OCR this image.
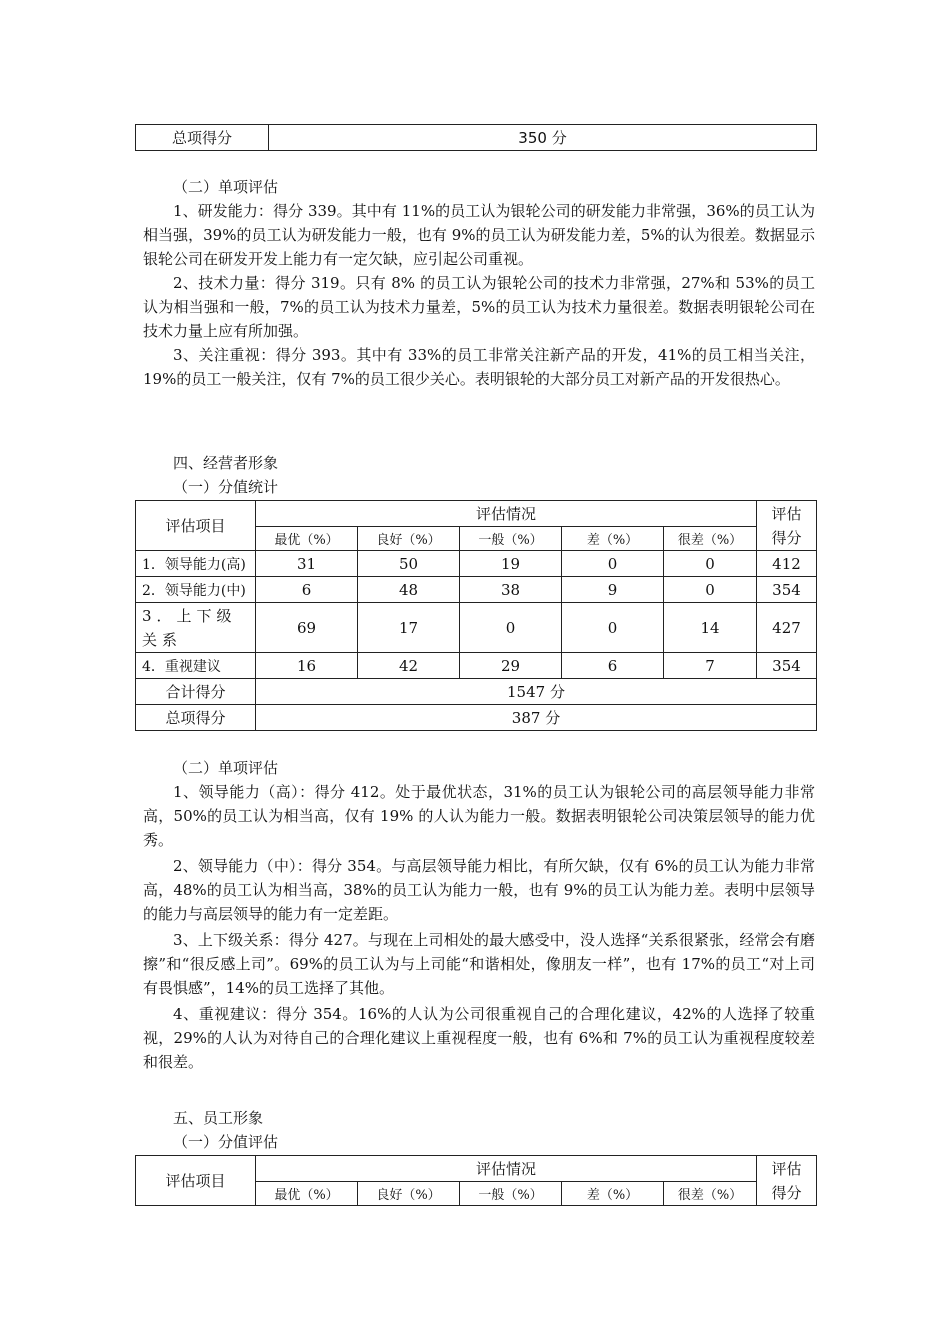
总项得分	350 分

（二）单项评估

1、研发能力：得分 339。其中有 11%的员工认为银轮公司的研发能力非常强，36%的员工认为相当强，39%的员工认为研发能力一般，也有 9%的员工认为研发能力差，5%的认为很差。数据显示银轮公司在研发开发上能力有一定欠缺，应引起公司重视。

2、技术力量：得分 319。只有 8% 的员工认为银轮公司的技术力非常强，27%和 53%的员工认为相当强和一般，7%的员工认为技术力量差，5%的员工认为技术力量很差。数据表明银轮公司在技术力量上应有所加强。

3、关注重视：得分 393。其中有 33%的员工非常关注新产品的开发，41%的员工相当关注，19%的员工一般关注，仅有 7%的员工很少关心。表明银轮的大部分员工对新产品的开发很热心。

四、经营者形象

（一）分值统计

评估项目	评估情况					评估得分
	最优（%）	良好（%）	一般（%）	差（%）	很差（%）	
1．领导能力(高)	31	50	19	0	0	412
2．领导能力(中)	6	48	38	9	0	354
3．上下级关系	69	17	0	0	14	427
4．重视建议	16	42	29	6	7	354
合计得分	1547 分					
总项得分	387 分					

（二）单项评估

1、领导能力（高）：得分 412。处于最优状态，31%的员工认为银轮公司的高层领导能力非常高，50%的员工认为相当高，仅有 19% 的人认为能力一般。数据表明银轮公司决策层领导的能力优秀。

2、领导能力（中）：得分 354。与高层领导能力相比，有所欠缺，仅有 6%的员工认为能力非常高，48%的员工认为相当高，38%的员工认为能力一般，也有 9%的员工认为能力差。表明中层领导的能力与高层领导的能力有一定差距。

3、上下级关系：得分 427。与现在上司相处的最大感受中，没人选择“关系很紧张，经常会有磨擦”和“很反感上司”。69%的员工认为与上司能“和谐相处，像朋友一样”，也有 17%的员工“对上司有畏惧感”，14%的员工选择了其他。

4、重视建议：得分 354。16%的人认为公司很重视自己的合理化建议，42%的人选择了较重视，29%的人认为对待自己的合理化建议上重视程度一般，也有 6%和 7%的员工认为重视程度较差和很差。

五、员工形象

（一）分值评估

评估项目	评估情况					评估得分
	最优（%）	良好（%）	一般（%）	差（%）	很差（%）	
